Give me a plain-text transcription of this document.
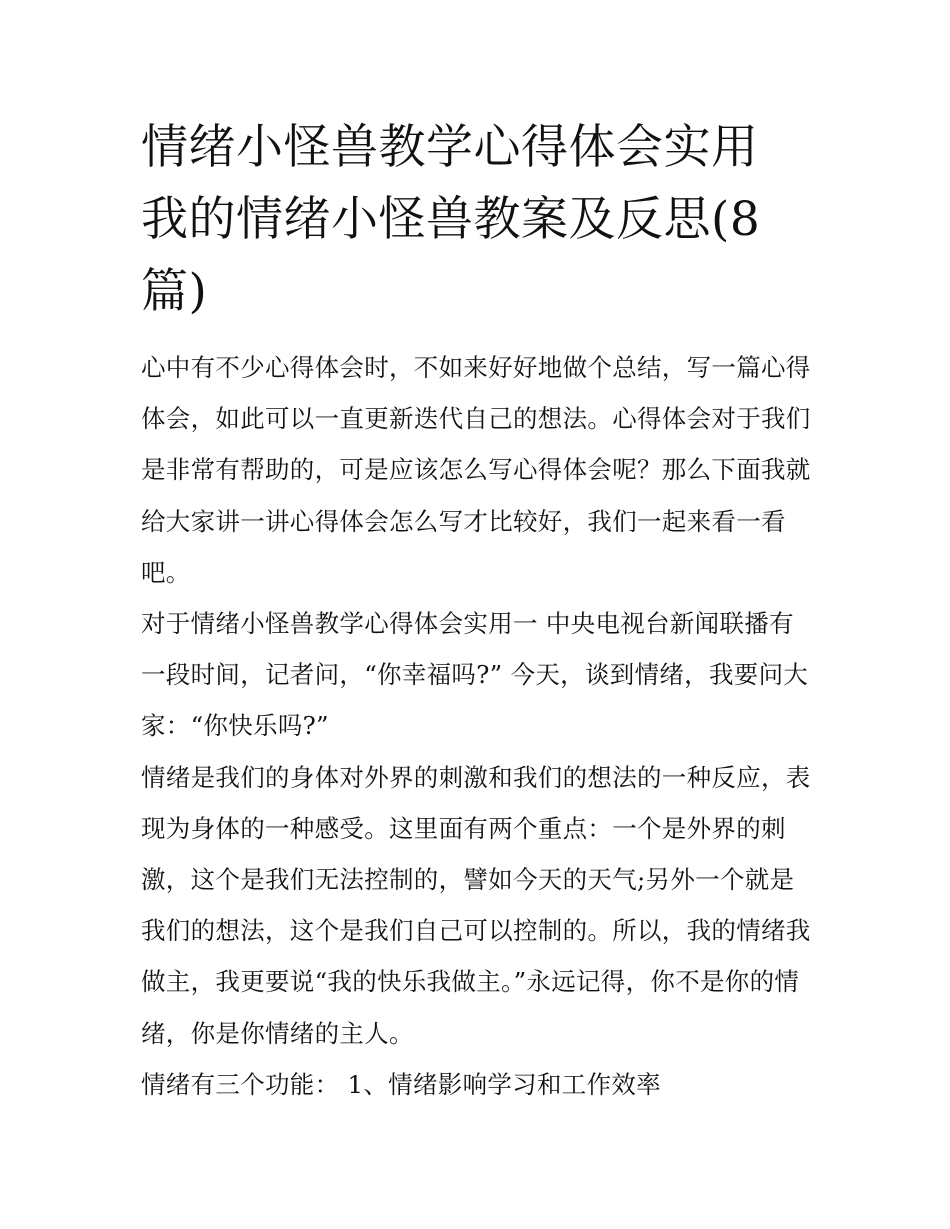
情绪小怪兽教学心得体会实用
我的情绪小怪兽教案及反思(8
篇)

心中有不少心得体会时，不如来好好地做个总结，写一篇心得
体会，如此可以一直更新迭代自己的想法。心得体会对于我们
是非常有帮助的，可是应该怎么写心得体会呢？那么下面我就
给大家讲一讲心得体会怎么写才比较好，我们一起来看一看
吧。

对于情绪小怪兽教学心得体会实用一 中央电视台新闻联播有
一段时间，记者问，“你幸福吗?” 今天，谈到情绪，我要问大
家：“你快乐吗?”

情绪是我们的身体对外界的刺激和我们的想法的一种反应，表
现为身体的一种感受。这里面有两个重点：一个是外界的刺
激，这个是我们无法控制的，譬如今天的天气;另外一个就是
我们的想法，这个是我们自己可以控制的。所以，我的情绪我
做主，我更要说“我的快乐我做主。”永远记得，你不是你的情
绪，你是你情绪的主人。

情绪有三个功能： 1、情绪影响学习和工作效率
